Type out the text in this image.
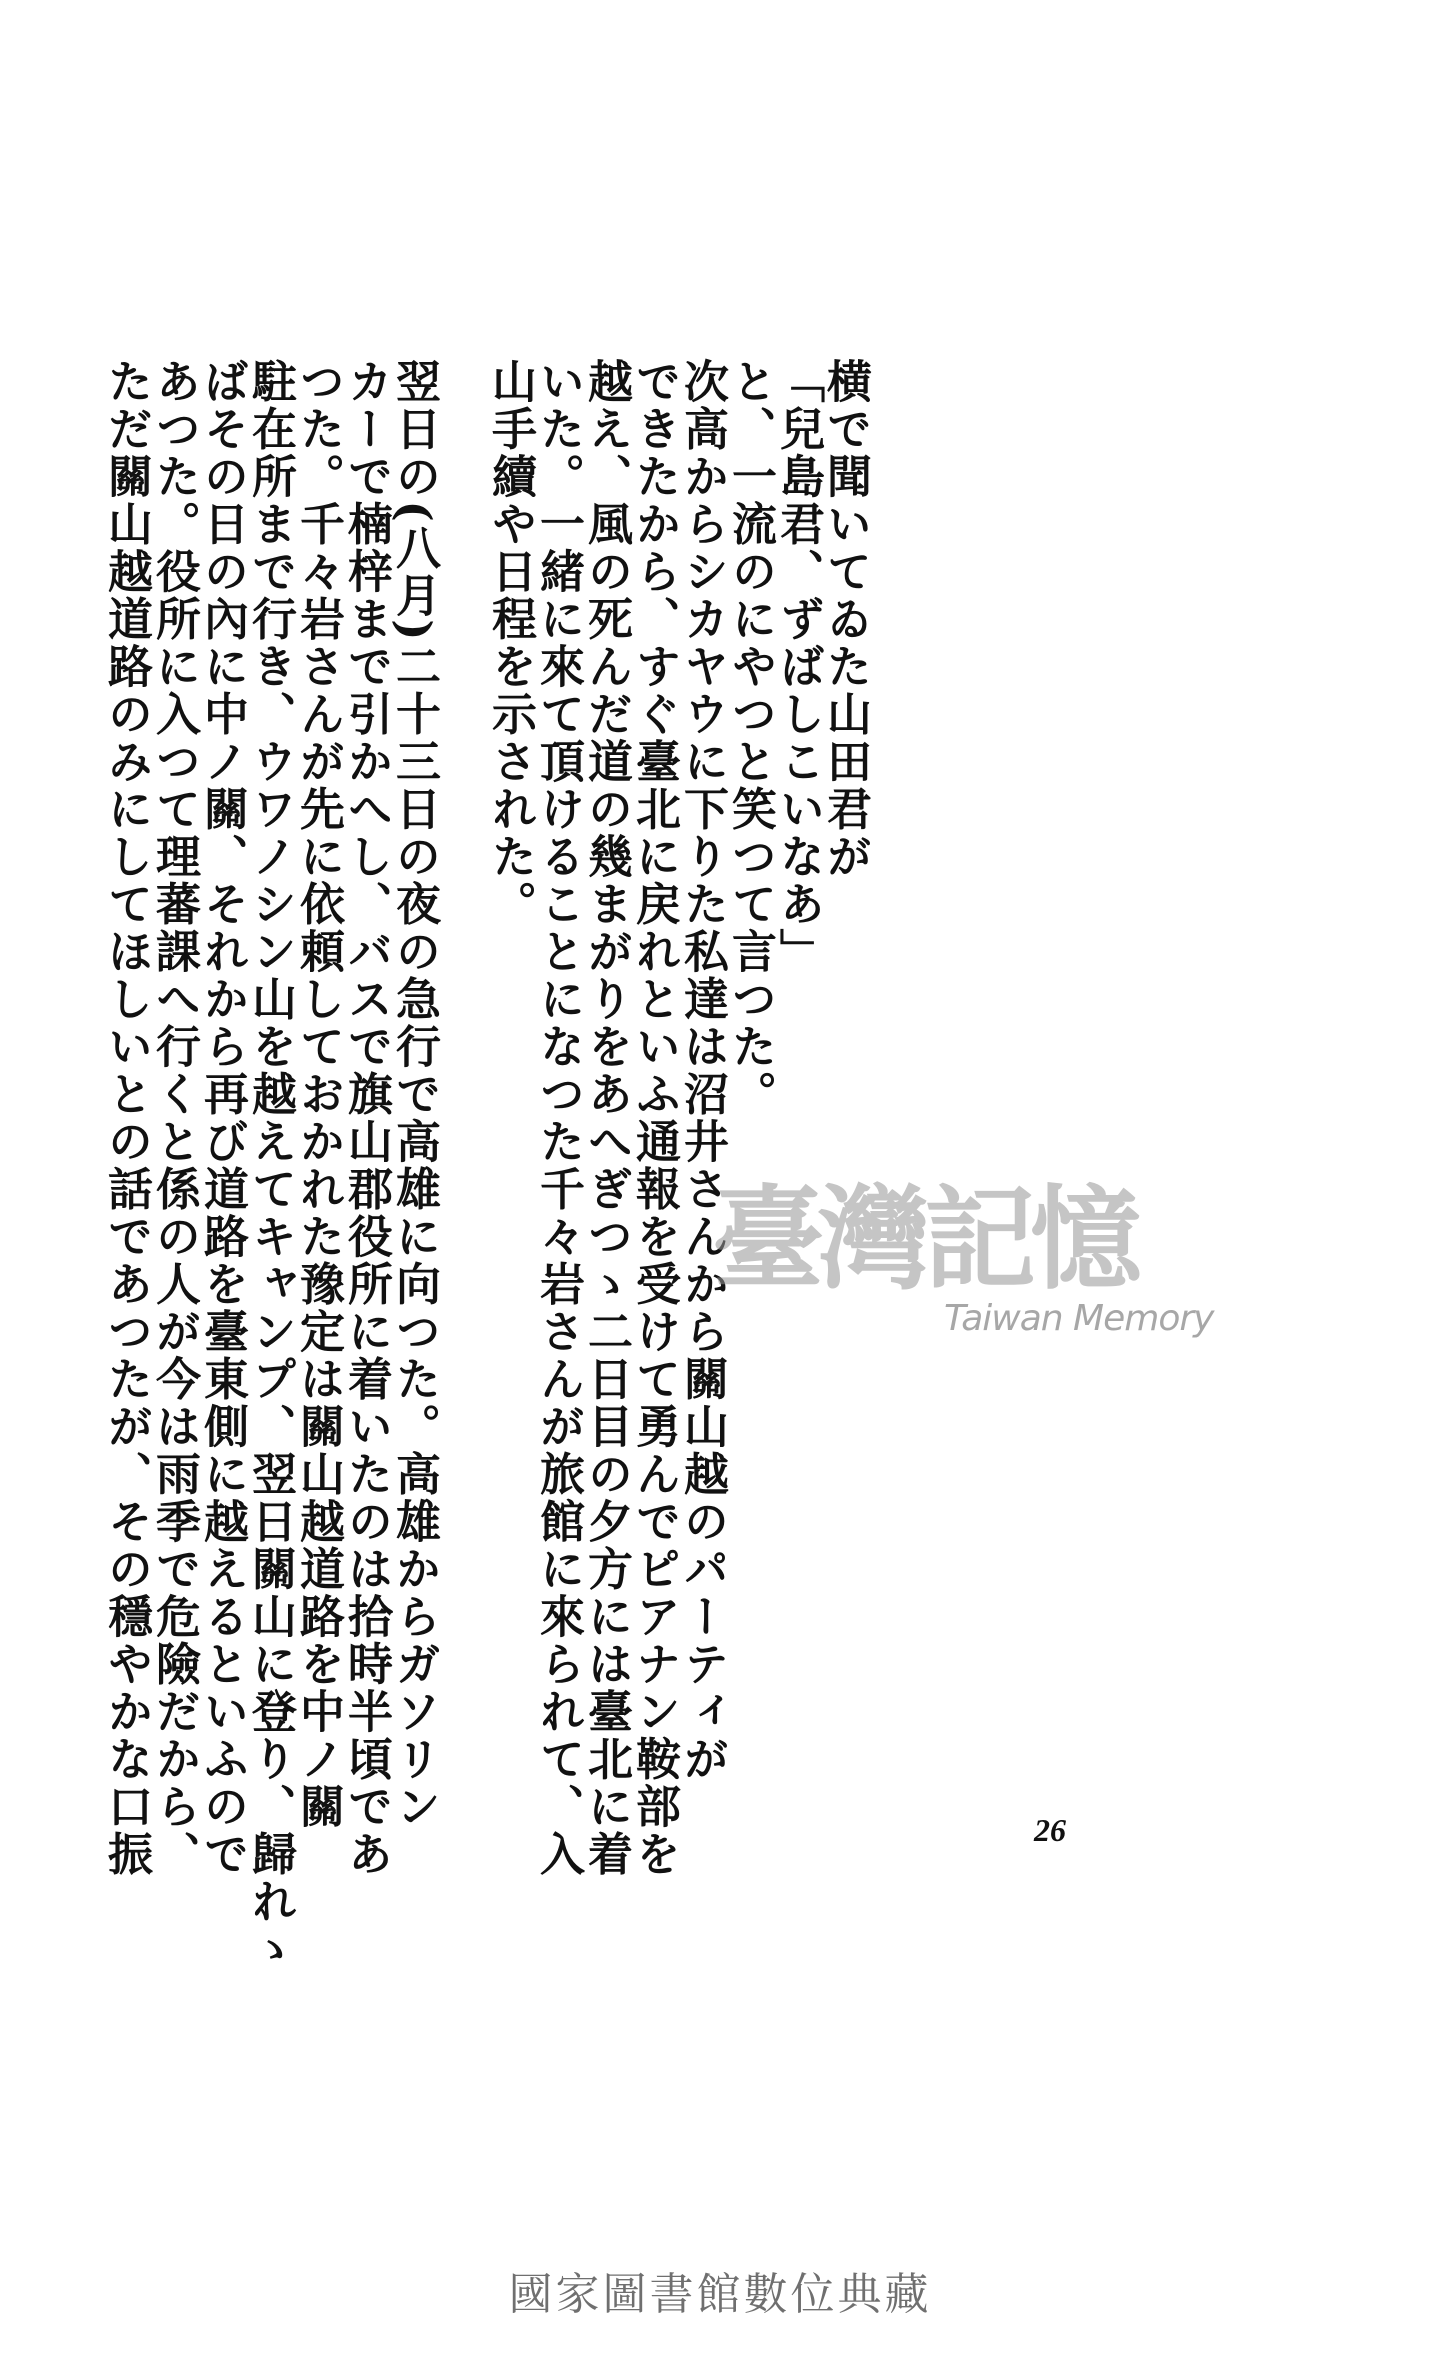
横で聞いてゐた山田君が
「兒島君、ずばしこいなあ」
と、一流のにやつと笑つて言つた。
次高からシカヤウに下りた私達は沼井さんから關山越のパーティが
できたから、すぐ臺北に戻れといふ通報を受けて勇んでピアナン鞍部を
越え、風の死んだ道の幾まがりをあへぎつゝ二日目の夕方には臺北に着
いた。一緒に來て頂けることになつた千々岩さんが旅館に來られて、入
山手續や日程を示された。
翌日の(八月)二十三日の夜の急行で高雄に向つた。高雄からガソリン
カーで楠梓まで引かへし、バスで旗山郡役所に着いたのは拾時半頃であ
つた。千々岩さんが先に依頼しておかれた豫定は關山越道路を中ノ關
駐在所まで行き、ウワノシン山を越えてキャンプ、翌日關山に登り、歸れゝ
ばその日の內に中ノ關、それから再び道路を臺東側に越えるといふので
あつた。役所に入つて理蕃課へ行くと係の人が今は雨季で危險だから、
ただ關山越道路のみにしてほしいとの話であつたが、その穩やかな口振	26
臺灣記憶
Taiwan Memory
國家圖書館數位典藏
